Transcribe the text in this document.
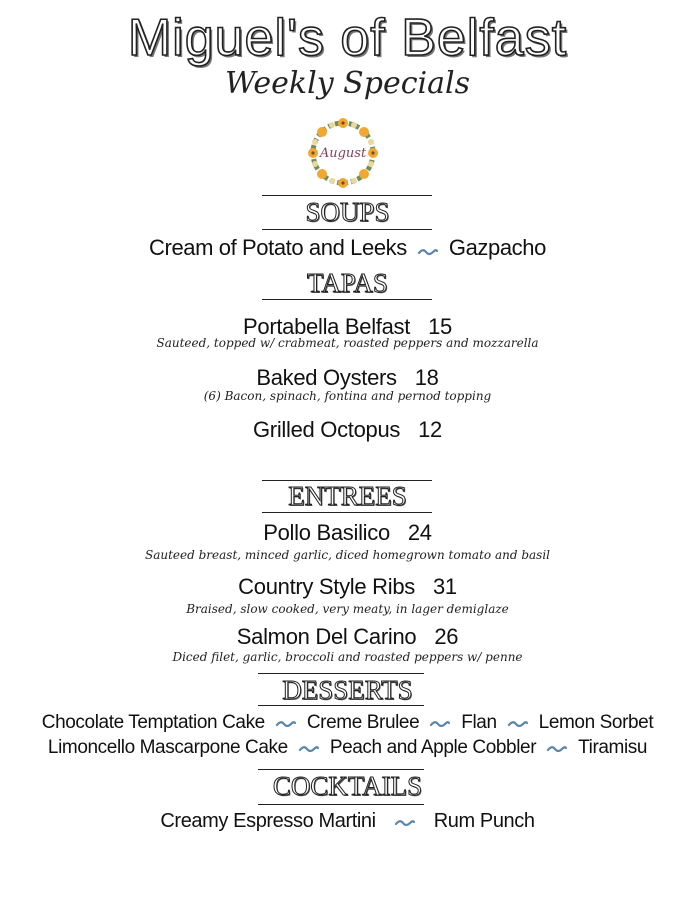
Miguel's of Belfast
Weekly Specials
August
SOUPS
Cream of Potato and Leeks Gazpacho
TAPAS
Portabella Belfast 15
Sauteed, topped w/ crabmeat, roasted peppers and mozzarella
Baked Oysters 18
(6) Bacon, spinach, fontina and pernod topping
Grilled Octopus 12
ENTREES
Pollo Basilico 24
Sauteed breast, minced garlic, diced homegrown tomato and basil
Country Style Ribs 31
Braised, slow cooked, very meaty, in lager demiglaze
Salmon Del Carino 26
Diced filet, garlic, broccoli and roasted peppers w/ penne
DESSERTS
Chocolate Temptation Cake Creme Brulee Flan Lemon Sorbet
Limoncello Mascarpone Cake Peach and Apple Cobbler Tiramisu
COCKTAILS
Creamy Espresso Martini	Rum Punch
